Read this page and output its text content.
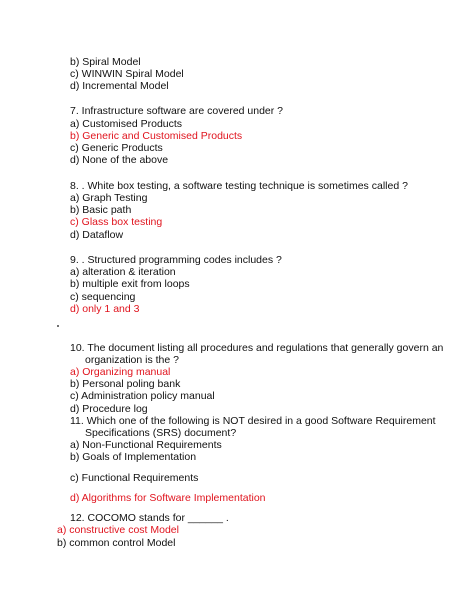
b) Spiral Model
c) WINWIN Spiral Model
d) Incremental Model
7. Infrastructure software are covered under ?
a) Customised Products
b) Generic and Customised Products
c) Generic Products
d) None of the above
8. . White box testing, a software testing technique is sometimes called ?
a) Graph Testing
b) Basic path
c) Glass box testing
d) Dataflow
9. . Structured programming codes includes ?
a) alteration & iteration
b) multiple exit from loops
c) sequencing
d) only 1 and 3
10. The document listing all procedures and regulations that generally govern an
organization is the ?
a) Organizing manual
b) Personal poling bank
c) Administration policy manual
d) Procedure log
11. Which one of the following is NOT desired in a good Software Requirement
Specifications (SRS) document?
a) Non-Functional Requirements
b) Goals of Implementation
c) Functional Requirements
d) Algorithms for Software Implementation
12. COCOMO stands for ______ .
a) constructive cost Model
b) common control Model
